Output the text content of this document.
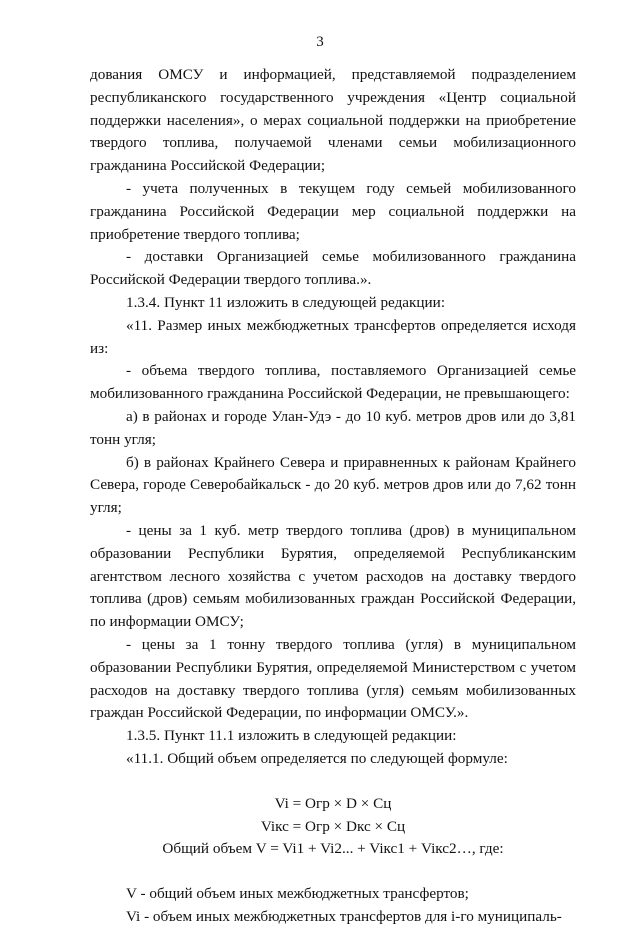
3

дования ОМСУ и информацией, представляемой подразделением республиканского государственного учреждения «Центр социальной поддержки населения», о мерах социальной поддержки на приобретение твердого топлива, получаемой членами семьи мобилизационного гражданина Российской Федерации;

- учета полученных в текущем году семьей мобилизованного гражданина Российской Федерации мер социальной поддержки на приобретение твердого топлива;

- доставки Организацией семье мобилизованного гражданина Российской Федерации твердого топлива.».

1.3.4. Пункт 11 изложить в следующей редакции:

«11. Размер иных межбюджетных трансфертов определяется исходя из:

- объема твердого топлива, поставляемого Организацией семье мобилизованного гражданина Российской Федерации, не превышающего:

а) в районах и городе Улан-Удэ - до 10 куб. метров дров или до 3,81 тонн угля;

б) в районах Крайнего Севера и приравненных к районам Крайнего Севера, городе Северобайкальск - до 20 куб. метров дров или до 7,62 тонн угля;

- цены за 1 куб. метр твердого топлива (дров) в муниципальном образовании Республики Бурятия, определяемой Республиканским агентством лесного хозяйства с учетом расходов на доставку твердого топлива (дров) семьям мобилизованных граждан Российской Федерации, по информации ОМСУ;

- цены за 1 тонну твердого топлива (угля) в муниципальном образовании Республики Бурятия, определяемой Министерством с учетом расходов на доставку твердого топлива (угля) семьям мобилизованных граждан Российской Федерации, по информации ОМСУ.».

1.3.5. Пункт 11.1 изложить в следующей редакции:

«11.1. Общий объем определяется по следующей формуле:

Vi = Огр × D × Сц
Viкс = Огр × Dкс × Сц
Общий объем V = Vi1 + Vi2... + Viкс1 + Viкс2…, где:

V - общий объем иных межбюджетных трансфертов;

Vi - объем иных межбюджетных трансфертов для i-го муниципаль-
